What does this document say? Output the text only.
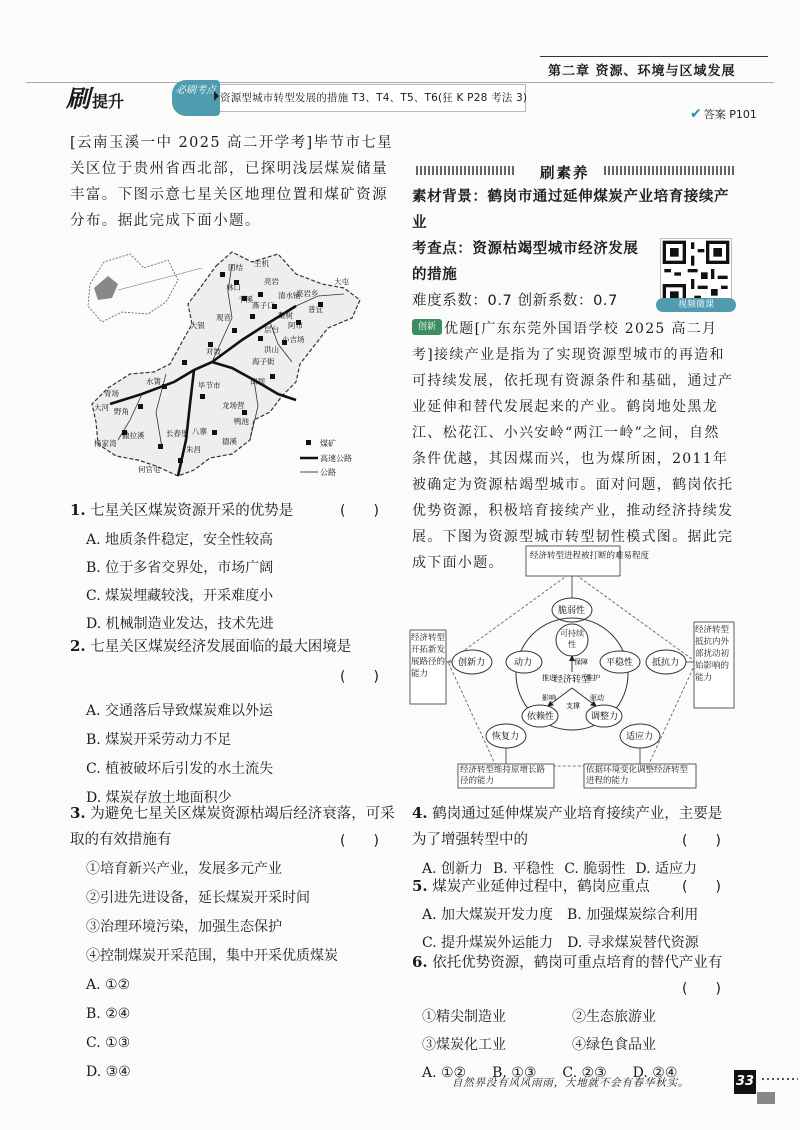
第二章 资源、环境与区域发展
刷 提升
必刷考点
资源型城市转型发展的措施 T3、T4、T5、T6(狂 K P28 考法 3)
✔ 答案 P101
[云南玉溪一中 2025 高二开学考]毕节市七星关区位于贵州省西北部，已探明浅层煤炭储量丰富。下图示意七星关区地理位置和煤矿资源分布。据此完成下面小题。
团结 生机
林口
亮岩
清水铺
大屯
燕子口	普宜
大银	层台 阿市
小吉场
对坡
青场
水箐
海子街
大河 野角
田坝
杨家湾
撒拉溪
毕节市
长春堡
朱昌
德溪
鸭池
何官屯
龙场营
梨树
千溪
观音
亮岩乡
洪山
八寨
煤矿
高速公路
公路
1. 七星关区煤炭资源开采的优势是	(　　)
A. 地质条件稳定，安全性较高
B. 位于多省交界处，市场广阔
C. 煤炭埋藏较浅，开采难度小
D. 机械制造业发达，技术先进
2. 七星关区煤炭经济发展面临的最大困境是
(　　)
A. 交通落后导致煤炭难以外运
B. 煤炭开采劳动力不足
C. 植被破坏后引发的水土流失
D. 煤炭存放土地面积少
3. 为避免七星关区煤炭资源枯竭后经济衰落，可采取的有效措施有	(　　)
①培育新兴产业，发展多元产业
②引进先进设备，延长煤炭开采时间
③治理环境污染，加强生态保护
④控制煤炭开采范围，集中开采优质煤炭
A. ①②
B. ②④
C. ①③
D. ③④
刷素养
素材背景：鹤岗市通过延伸煤炭产业培育接续产业
考查点：资源枯竭型城市经济发展的措施
难度系数：0.7 创新系数：0.7	视频微课
优题[广东东莞外国语学校 2025 高二月考]接续产业是指为了实现资源型城市的再造和可持续发展，依托现有资源条件和基础，通过产业延伸和替代发展起来的产业。鹤岗地处黑龙江、松花江、小兴安岭“两江一岭”之间，自然条件优越，其因煤而兴，也为煤所困，2011年被确定为资源枯竭型城市。面对问题，鹤岗依托优势资源，积极培育接续产业，推动经济持续发展。下图为资源型城市转型韧性模式图。据此完成下面小题。
创新
经济转型进程被打断的难易程度
经济转型开拓新发展路径的能力
经济转型抵抗内外部扰动初始影响的能力
经济转型维持原增长路径的能力
依据环境变化调整经济转型进程的能力
脆弱性
创新力	抵抗力
恢复力	适应力
动力	平稳性
依赖性	调整力
可持续性
经济转型
推进
保障
维护
影响	驱动
支撑
4. 鹤岗通过延伸煤炭产业培育接续产业，主要是为了增强转型中的	(　　)
A. 创新力 B. 平稳性 C. 脆弱性 D. 适应力
5. 煤炭产业延伸过程中，鹤岗应重点	(　　)
A. 加大煤炭开发力度 B. 加强煤炭综合利用
C. 提升煤炭外运能力 D. 寻求煤炭替代资源
6. 依托优势资源，鹤岗可重点培育的替代产业有
(　　)
①精尖制造业	②生态旅游业
③煤炭化工业	④绿色食品业
A. ①② B. ①③ C. ②③ D. ②④
自然界没有风风雨雨，大地就不会有春华秋实。	33
